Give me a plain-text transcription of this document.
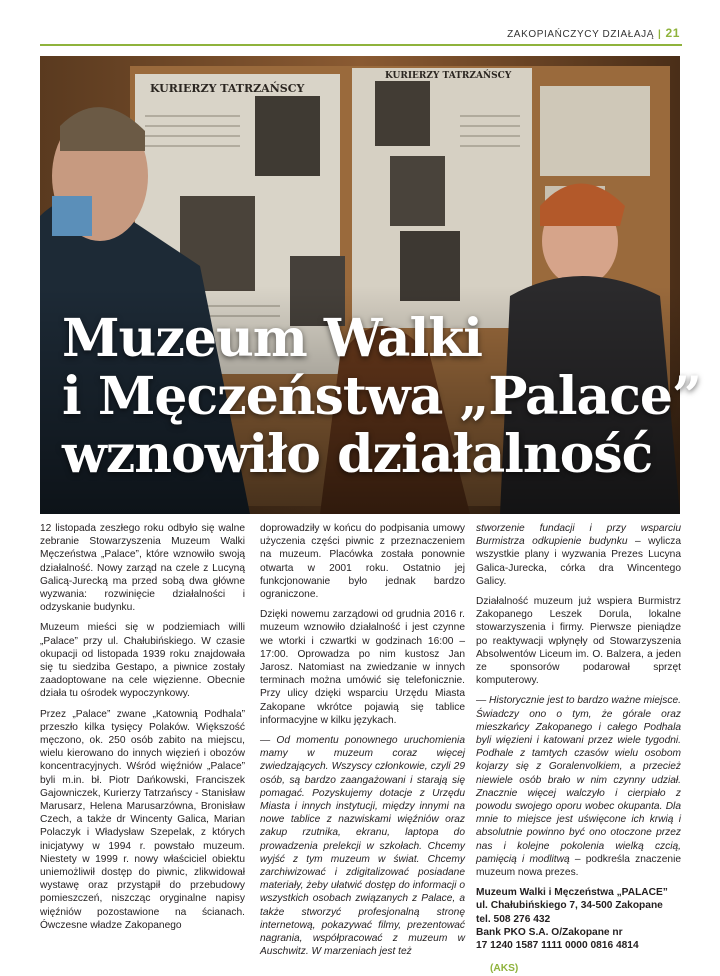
ZAKOPIAŃCZYCY DZIAŁAJĄ | 21
KURIERZY TATRZAŃSCY
KURIERZY TATRZAŃSCY
Muzeum Walki
i Męczeństwa „Palace”
wznowiło działalność

12 listopada zeszłego roku odbyło się walne zebranie Stowarzyszenia Muzeum Walki Męczeństwa „Palace”, które wznowiło swoją działalność. Nowy zarząd na czele z Lucyną Galicą-Jurecką ma przed sobą dwa główne wyzwania: rozwinięcie działalności i odzyskanie budynku.

Muzeum mieści się w podziemiach willi „Palace” przy ul. Chałubińskiego. W czasie okupacji od listopada 1939 roku znajdowała się tu siedziba Gestapo, a piwnice zostały zaadoptowane na cele więzienne. Obecnie działa tu ośrodek wypoczynkowy.

Przez „Palace” zwane „Katownią Podhala” przeszło kilka tysięcy Polaków. Większość męczono, ok. 250 osób zabito na miejscu, wielu kierowano do innych więzień i obozów koncentracyjnych. Wśród więźniów „Palace” byli m.in. bł. Piotr Dańkowski, Franciszek Gajowniczek, Kurierzy Tatrzańscy - Stanisław Marusarz, Helena Marusarzówna, Bronisław Czech, a także dr Wincenty Galica, Marian Polaczyk i Władysław Szepelak, z których inicjatywy w 1994 r. powstało muzeum. Niestety w 1999 r. nowy właściciel obiektu uniemożliwił dostęp do piwnic, zlikwidował wystawę oraz przystąpił do przebudowy pomieszczeń, niszcząc oryginalne napisy więźniów pozostawione na ścianach. Ówczesne władze Zakopanego

doprowadziły w końcu do podpisania umowy użyczenia części piwnic z przeznaczeniem na muzeum. Placówka została ponownie otwarta w 2001 roku. Ostatnio jej funkcjonowanie było jednak bardzo ograniczone.

Dzięki nowemu zarządowi od grudnia 2016 r. muzeum wznowiło działalność i jest czynne we wtorki i czwartki w godzinach 16:00 – 17:00. Oprowadza po nim kustosz Jan Jarosz. Natomiast na zwiedzanie w innych terminach można umówić się telefonicznie. Przy ulicy dzięki wsparciu Urzędu Miasta Zakopane wkrótce pojawią się tablice informacyjne w kilku językach.

— Od momentu ponownego uruchomienia mamy w muzeum coraz więcej zwiedzających. Wszyscy członkowie, czyli 29 osób, są bardzo zaangażowani i starają się pomagać. Pozyskujemy dotacje z Urzędu Miasta i innych instytucji, między innymi na nowe tablice z nazwiskami więźniów oraz zakup rzutnika, ekranu, laptopa do prowadzenia prelekcji w szkołach. Chcemy wyjść z tym muzeum w świat. Chcemy zarchiwizować i zdigitalizować posiadane materiały, żeby ułatwić dostęp do informacji o wszystkich osobach związanych z Palace, a także stworzyć profesjonalną stronę internetową, pokazywać filmy, prezentować nagrania, współpracować z muzeum w Auschwitz. W marzeniach jest też

stworzenie fundacji i przy wsparciu Burmistrza odkupienie budynku – wylicza wszystkie plany i wyzwania Prezes Lucyna Galica-Jurecka, córka dra Wincentego Galicy.

Działalność muzeum już wspiera Burmistrz Zakopanego Leszek Dorula, lokalne stowarzyszenia i firmy. Pierwsze pieniądze po reaktywacji wpłynęły od Stowarzyszenia Absolwentów Liceum im. O. Balzera, a jeden ze sponsorów podarował sprzęt komputerowy.

— Historycznie jest to bardzo ważne miejsce. Świadczy ono o tym, że górale oraz mieszkańcy Zakopanego i całego Podhala byli więzieni i katowani przez wiele tygodni. Podhale z tamtych czasów wielu osobom kojarzy się z Goralenvolkiem, a przecież niewiele osób brało w nim czynny udział. Znacznie więcej walczyło i cierpiało z powodu swojego oporu wobec okupanta. Dla mnie to miejsce jest uświęcone ich krwią i absolutnie powinno być ono otoczone przez nas i kolejne pokolenia wielką czcią, pamięcią i modlitwą – podkreśla znaczenie muzeum nowa prezes.

Muzeum Walki i Męczeństwa „PALACE”
ul. Chałubińskiego 7, 34-500 Zakopane
tel. 508 276 432
Bank PKO S.A. O/Zakopane nr
17 1240 1587 1111 0000 0816 4814
(AKS)
